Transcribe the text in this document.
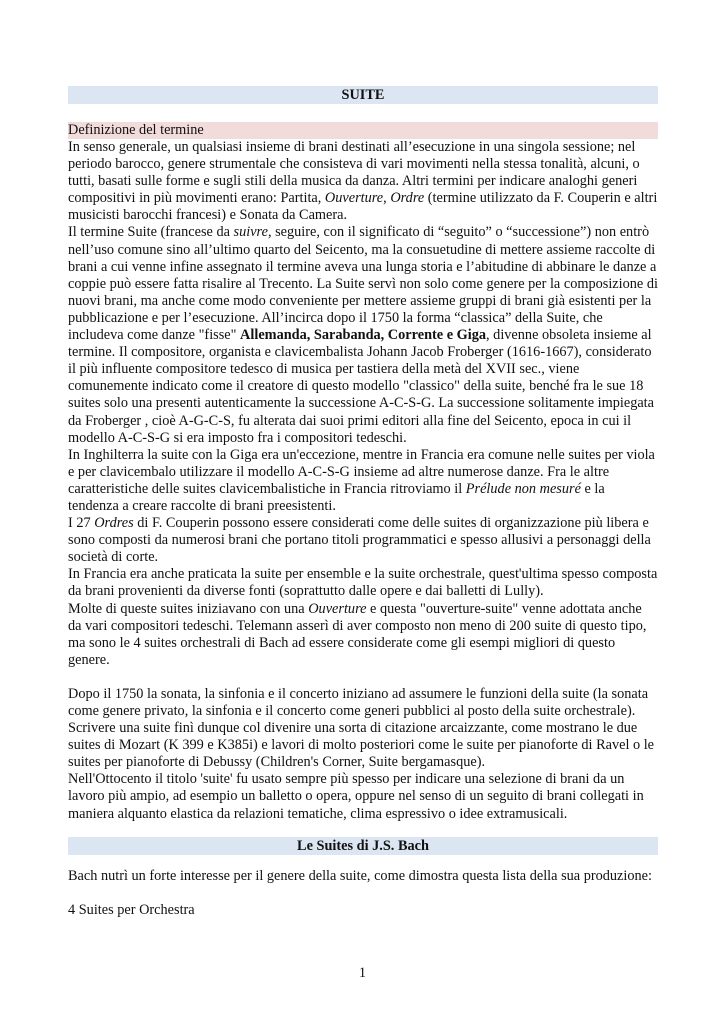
SUITE
Definizione del termine

In senso generale, un qualsiasi insieme di brani destinati all’esecuzione in una singola sessione; nel periodo barocco, genere strumentale che consisteva di vari movimenti nella stessa tonalità, alcuni, o tutti, basati sulle forme e sugli stili della musica da danza. Altri termini per indicare analoghi generi compositivi in più movimenti erano: Partita, Ouverture, Ordre (termine utilizzato da F. Couperin e altri musicisti barocchi francesi) e Sonata da Camera.

Il termine Suite (francese da suivre, seguire, con il significato di “seguito” o “successione”) non entrò nell’uso comune sino all’ultimo quarto del Seicento, ma la consuetudine di mettere assieme raccolte di brani a cui venne infine assegnato il termine aveva una lunga storia e l’abitudine di abbinare le danze a coppie può essere fatta risalire al Trecento. La Suite servì non solo come genere per la composizione di nuovi brani, ma anche come modo conveniente per mettere assieme gruppi di brani già esistenti per la pubblicazione e per l’esecuzione. All’incirca dopo il 1750 la forma “classica” della Suite, che includeva come danze "fisse" Allemanda, Sarabanda, Corrente e Giga, divenne obsoleta insieme al termine. Il compositore, organista e clavicembalista Johann Jacob Froberger (1616-1667), considerato il più influente compositore tedesco di musica per tastiera della metà del XVII sec., viene comunemente indicato come il creatore di questo modello "classico" della suite, benché fra le sue 18 suites solo una presenti autenticamente la successione A-C-S-G. La successione solitamente impiegata da Froberger , cioè A-G-C-S, fu alterata dai suoi primi editori alla fine del Seicento, epoca in cui il modello A-C-S-G si era imposto fra i compositori tedeschi.

In Inghilterra la suite con la Giga era un'eccezione, mentre in Francia era comune nelle suites per viola e per clavicembalo utilizzare il modello A-C-S-G insieme ad altre numerose danze. Fra le altre caratteristiche delle suites clavicembalistiche in Francia ritroviamo il Prélude non mesuré e la tendenza a creare raccolte di brani preesistenti.

I 27 Ordres di F. Couperin possono essere considerati come delle suites di organizzazione più libera e sono composti da numerosi brani che portano titoli programmatici e spesso allusivi a personaggi della società di corte.

In Francia era anche praticata la suite per ensemble e la suite orchestrale, quest'ultima spesso composta da brani provenienti da diverse fonti (soprattutto dalle opere e dai balletti di Lully).

Molte di queste suites iniziavano con una Ouverture e questa "ouverture-suite" venne adottata anche da vari compositori tedeschi. Telemann asserì di aver composto non meno di 200 suite di questo tipo, ma sono le 4 suites orchestrali di Bach ad essere considerate come gli esempi migliori di questo genere.

Dopo il 1750 la sonata, la sinfonia e il concerto iniziano ad assumere le funzioni della suite (la sonata come genere privato, la sinfonia e il concerto come generi pubblici al posto della suite orchestrale). Scrivere una suite finì dunque col divenire una sorta di citazione arcaizzante, come mostrano le due suites di Mozart (K 399 e K385i) e lavori di molto posteriori come le suite per pianoforte di Ravel o le suites per pianoforte di Debussy (Children's Corner, Suite bergamasque).

Nell'Ottocento il titolo 'suite' fu usato sempre più spesso per indicare una selezione di brani da un lavoro più ampio, ad esempio un balletto o opera, oppure nel senso di un seguito di brani collegati in maniera alquanto elastica da relazioni tematiche, clima espressivo o idee extramusicali.

Le Suites di J.S. Bach

Bach nutrì un forte interesse per il genere della suite, come dimostra questa lista della sua produzione:

4 Suites per Orchestra

1
